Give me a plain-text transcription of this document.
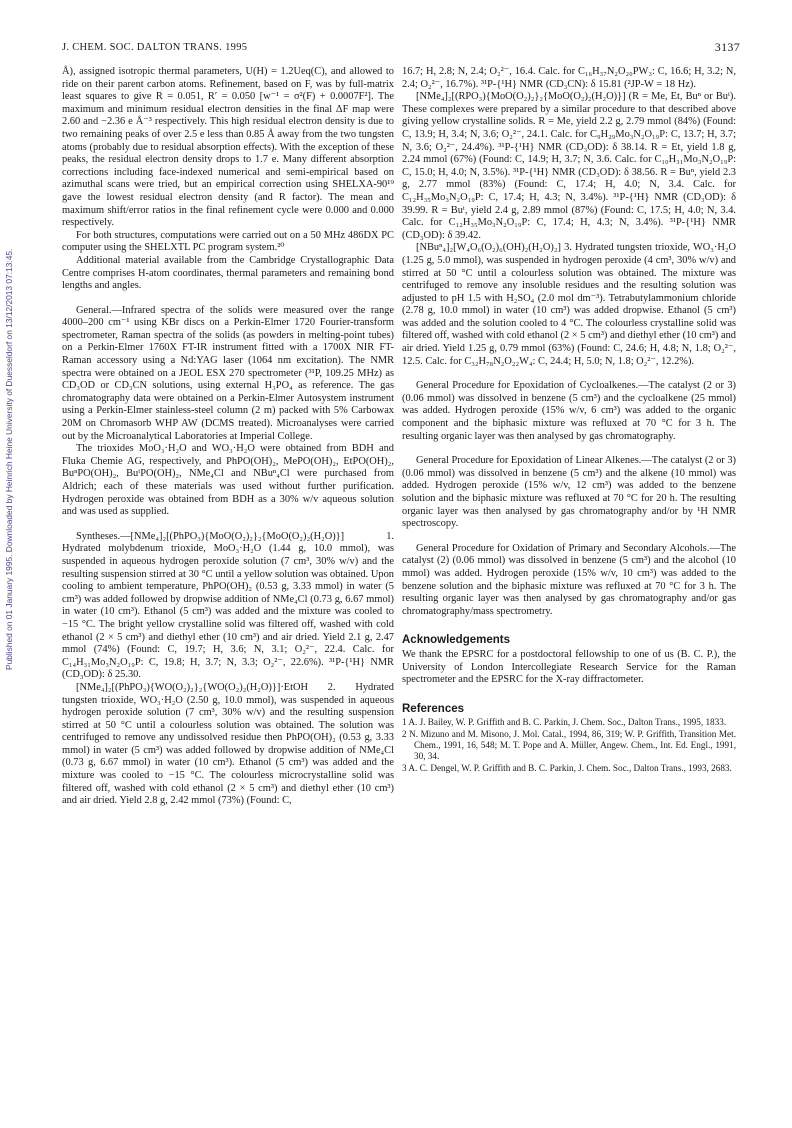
J. CHEM. SOC. DALTON TRANS. 1995	3137
Published on 01 January 1995. Downloaded by Heinrich Heine University of Duesseldorf on 13/12/2013 07:13:45.

Å), assigned isotropic thermal parameters, U(H) = 1.2Ueq(C), and allowed to ride on their parent carbon atoms. Refinement, based on F, was by full-matrix least squares to give R = 0.051, R′ = 0.050 [w⁻¹ = σ²(F) + 0.0007F²]. The maximum and minimum residual electron densities in the final ΔF map were 2.60 and −2.36 e Å⁻³ respectively. This high residual electron density is due to two remaining peaks of over 2.5 e less than 0.85 Å away from the two tungsten atoms (probably due to residual absorption effects). With the exception of these peaks, the residual electron density drops to 1.7 e. Many different absorption corrections including face-indexed numerical and semi-empirical based on azimuthal scans were tried, but an empirical correction using SHELXA-90¹⁹ gave the lowest residual electron density (and R factor). The mean and maximum shift/error ratios in the final refinement cycle were 0.000 and 0.000 respectively.

For both structures, computations were carried out on a 50 MHz 486DX PC computer using the SHELXTL PC program system.²⁰

Additional material available from the Cambridge Crystallographic Data Centre comprises H-atom coordinates, thermal parameters and remaining bond lengths and angles.

General.—Infrared spectra of the solids were measured over the range 4000–200 cm⁻¹ using KBr discs on a Perkin-Elmer 1720 Fourier-transform spectrometer, Raman spectra of the solids (as powders in melting-point tubes) on a Perkin-Elmer 1760X FT-IR instrument fitted with a 1700X NIR FT-Raman accessory using a Nd:YAG laser (1064 nm excitation). The NMR spectra were obtained on a JEOL ESX 270 spectrometer (³¹P, 109.25 MHz) as CD₃OD or CD₃CN solutions, using external H₃PO₄ as reference. The gas chromatography data were obtained on a Perkin-Elmer Autosystem instrument using a Perkin-Elmer stainless-steel column (2 m) packed with 5% Carbowax 20M on Chromasorb WHP AW (DCMS treated). Microanalyses were carried out by the Microanalytical Laboratories at Imperial College.

The trioxides MoO₃·H₂O and WO₃·H₂O were obtained from BDH and Fluka Chemie AG, respectively, and PhPO(OH)₂, MePO(OH)₂, EtPO(OH)₂, BuⁿPO(OH)₂, BuᵗPO(OH)₂, NMe₄Cl and NBuⁿ₄Cl were purchased from Aldrich; each of these materials was used without further purification. Hydrogen peroxide was obtained from BDH as a 30% w/v aqueous solution and was used as supplied.

Syntheses.—[NMe₄]₂[(PhPO₃){MoO(O₂)₂}₂{MoO(O₂)₂(H₂O)}] 1. Hydrated molybdenum trioxide, MoO₃·H₂O (1.44 g, 10.0 mmol), was suspended in aqueous hydrogen peroxide solution (7 cm³, 30% w/v) and the resulting suspension stirred at 30 °C until a yellow solution was obtained. Upon cooling to ambient temperature, PhPO(OH)₂ (0.53 g, 3.33 mmol) in water (5 cm³) was added followed by dropwise addition of NMe₄Cl (0.73 g, 6.67 mmol) in water (10 cm³). Ethanol (5 cm³) was added and the mixture was cooled to −15 °C. The bright yellow crystalline solid was filtered off, washed with cold ethanol (2 × 5 cm³) and diethyl ether (10 cm³) and air dried. Yield 2.1 g, 2.47 mmol (74%) (Found: C, 19.7; H, 3.6; N, 3.1; O₂²⁻, 22.4. Calc. for C₁₄H₃₁Mo₃N₂O₁₉P: C, 19.8; H, 3.7; N, 3.3; O₂²⁻, 22.6%). ³¹P-{¹H} NMR (CD₃OD): δ 25.30.

[NMe₄]₂[(PhPO₃){WO(O₂)₂}₂{WO(O₂)₂(H₂O)}]·EtOH 2. Hydrated tungsten trioxide, WO₃·H₂O (2.50 g, 10.0 mmol), was suspended in aqueous hydrogen peroxide solution (7 cm³, 30% w/v) and the resulting suspension stirred at 50 °C until a colourless solution was obtained. The solution was centrifuged to remove any undissolved residue then PhPO(OH)₂ (0.53 g, 3.33 mmol) in water (5 cm³) was added followed by dropwise addition of NMe₄Cl (0.73 g, 6.67 mmol) in water (10 cm³). Ethanol (5 cm³) was added and the mixture was cooled to −15 °C. The colourless microcrystalline solid was filtered off, washed with cold ethanol (2 × 5 cm³) and diethyl ether (10 cm³) and air dried. Yield 2.8 g, 2.42 mmol (73%) (Found: C,

16.7; H, 2.8; N, 2.4; O₂²⁻, 16.4. Calc. for C₁₆H₃₇N₂O₂₀PW₃: C, 16.6; H, 3.2; N, 2.4; O₂²⁻, 16.7%). ³¹P-{¹H} NMR (CD₃CN): δ 15.81 (²JP-W = 18 Hz).

[NMe₄]₂[(RPO₃){MoO(O₂)₂}₂{MoO(O₂)₂(H₂O)}] (R = Me, Et, Buⁿ or Buᵗ). These complexes were prepared by a similar procedure to that described above giving yellow crystalline solids. R = Me, yield 2.2 g, 2.79 mmol (84%) (Found: C, 13.9; H, 3.4; N, 3.6; O₂²⁻, 24.1. Calc. for C₉H₂₉Mo₃N₂O₁₉P: C, 13.7; H, 3.7; N, 3.6; O₂²⁻, 24.4%). ³¹P-{¹H} NMR (CD₃OD): δ 38.14. R = Et, yield 1.8 g, 2.24 mmol (67%) (Found: C, 14.9; H, 3.7; N, 3.6. Calc. for C₁₀H₃₁Mo₃N₂O₁₉P: C, 15.0; H, 4.0; N, 3.5%). ³¹P-{¹H} NMR (CD₃OD): δ 38.56. R = Buⁿ, yield 2.3 g, 2.77 mmol (83%) (Found: C, 17.4; H, 4.0; N, 3.4. Calc. for C₁₂H₃₅Mo₃N₂O₁₉P: C, 17.4; H, 4.3; N, 3.4%). ³¹P-{¹H} NMR (CD₃OD): δ 39.99. R = Buᵗ, yield 2.4 g, 2.89 mmol (87%) (Found: C, 17.5; H, 4.0; N, 3.4. Calc. for C₁₂H₃₅Mo₃N₂O₁₉P: C, 17.4; H, 4.3; N, 3.4%). ³¹P-{¹H} NMR (CD₃OD): δ 39.42.

[NBuⁿ₄]₂[W₄O₆(O₂)₆(OH)₂(H₂O)₂] 3. Hydrated tungsten trioxide, WO₃·H₂O (1.25 g, 5.0 mmol), was suspended in hydrogen peroxide (4 cm³, 30% w/v) and stirred at 50 °C until a colourless solution was obtained. The mixture was centrifuged to remove any insoluble residues and the resulting solution was adjusted to pH 1.5 with H₂SO₄ (2.0 mol dm⁻³). Tetrabutylammonium chloride (2.78 g, 10.0 mmol) in water (10 cm³) was added dropwise. Ethanol (5 cm³) was added and the solution cooled to 4 °C. The colourless crystalline solid was filtered off, washed with cold ethanol (2 × 5 cm³) and diethyl ether (10 cm³) and air dried. Yield 1.25 g, 0.79 mmol (63%) (Found: C, 24.6; H, 4.8; N, 1.8; O₂²⁻, 12.5. Calc. for C₃₂H₇₈N₂O₂₂W₄: C, 24.4; H, 5.0; N, 1.8; O₂²⁻, 12.2%).

General Procedure for Epoxidation of Cycloalkenes.—The catalyst (2 or 3) (0.06 mmol) was dissolved in benzene (5 cm³) and the cycloalkene (25 mmol) was added. Hydrogen peroxide (15% w/v, 6 cm³) was added to the organic component and the biphasic mixture was refluxed at 70 °C for 3 h. The resulting organic layer was then analysed by gas chromatography.

General Procedure for Epoxidation of Linear Alkenes.—The catalyst (2 or 3) (0.06 mmol) was dissolved in benzene (5 cm³) and the alkene (10 mmol) was added. Hydrogen peroxide (15% w/v, 12 cm³) was added to the benzene solution and the biphasic mixture was refluxed at 70 °C for 20 h. The resulting organic layer was then analysed by gas chromatography and/or by ¹H NMR spectroscopy.

General Procedure for Oxidation of Primary and Secondary Alcohols.—The catalyst (2) (0.06 mmol) was dissolved in benzene (5 cm³) and the alcohol (10 mmol) was added. Hydrogen peroxide (15% w/v, 10 cm³) was added to the benzene solution and the biphasic mixture was refluxed at 70 °C for 3 h. The resulting organic layer was then analysed by gas chromatography and/or gas chromatography/mass spectrometry.

Acknowledgements

We thank the EPSRC for a postdoctoral fellowship to one of us (B. C. P.), the University of London Intercollegiate Research Service for the Raman spectrometer and the EPSRC for the X-ray diffractometer.

References

1 A. J. Bailey, W. P. Griffith and B. C. Parkin, J. Chem. Soc., Dalton Trans., 1995, 1833.

2 N. Mizuno and M. Misono, J. Mol. Catal., 1994, 86, 319; W. P. Griffith, Transition Met. Chem., 1991, 16, 548; M. T. Pope and A. Müller, Angew. Chem., Int. Ed. Engl., 1991, 30, 34.

3 A. C. Dengel, W. P. Griffith and B. C. Parkin, J. Chem. Soc., Dalton Trans., 1993, 2683.
